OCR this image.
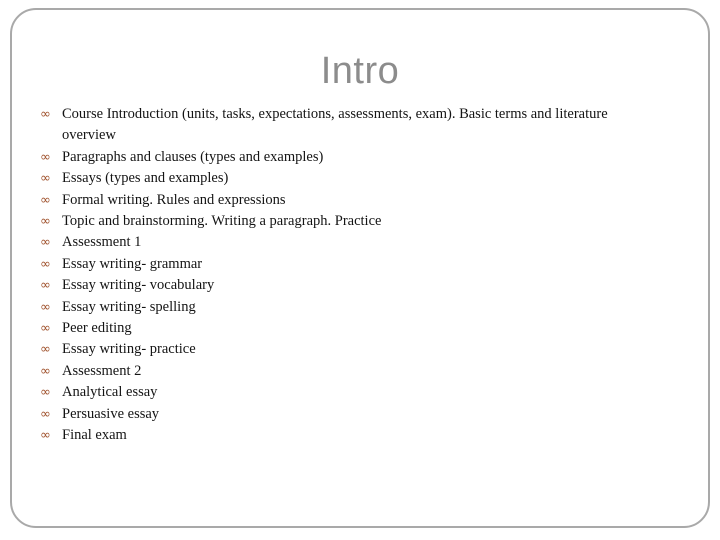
Intro
∞ Course Introduction (units, tasks, expectations, assessments, exam). Basic terms and literature overview
∞ Paragraphs and clauses (types and examples)
∞ Essays (types and examples)
∞ Formal writing. Rules and expressions
∞ Topic and brainstorming. Writing a paragraph. Practice
∞ Assessment 1
∞ Essay writing- grammar
∞ Essay writing- vocabulary
∞ Essay writing- spelling
∞ Peer editing
∞ Essay writing- practice
∞ Assessment 2
∞ Analytical essay
∞ Persuasive essay
∞ Final exam
